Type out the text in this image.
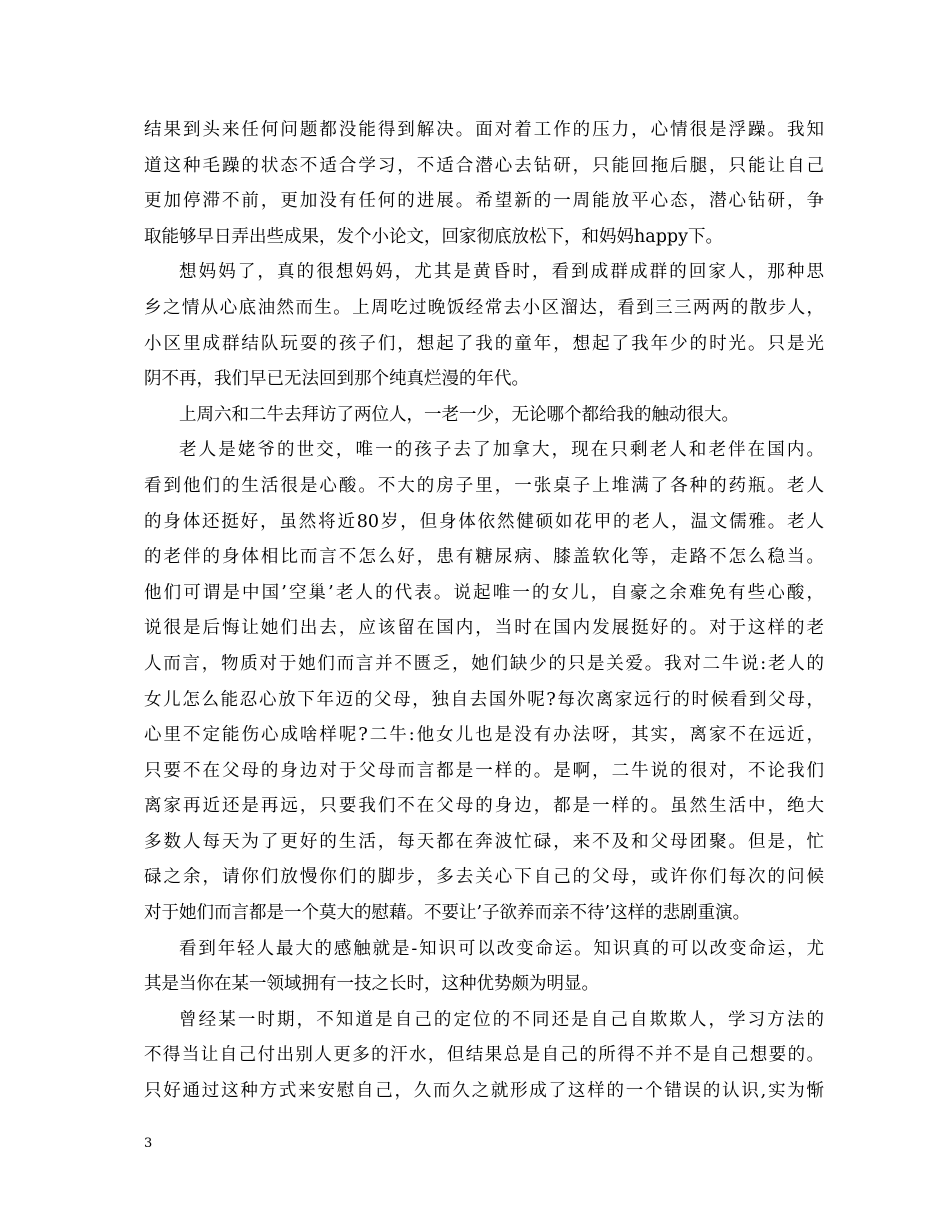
结果到头来任何问题都没能得到解决。面对着工作的压力，心情很是浮躁。我知
道这种毛躁的状态不适合学习，不适合潜心去钻研，只能回拖后腿，只能让自己
更加停滞不前，更加没有任何的进展。希望新的一周能放平心态，潜心钻研，争
取能够早日弄出些成果，发个小论文，回家彻底放松下，和妈妈happy下。
想妈妈了，真的很想妈妈，尤其是黄昏时，看到成群成群的回家人，那种思
乡之情从心底油然而生。上周吃过晚饭经常去小区溜达，看到三三两两的散步人，
小区里成群结队玩耍的孩子们，想起了我的童年，想起了我年少的时光。只是光
阴不再，我们早已无法回到那个纯真烂漫的年代。
上周六和二牛去拜访了两位人，一老一少，无论哪个都给我的触动很大。
老人是姥爷的世交，唯一的孩子去了加拿大，现在只剩老人和老伴在国内。
看到他们的生活很是心酸。不大的房子里，一张桌子上堆满了各种的药瓶。老人
的身体还挺好，虽然将近80岁，但身体依然健硕如花甲的老人，温文儒雅。老人
的老伴的身体相比而言不怎么好，患有糖尿病、膝盖软化等，走路不怎么稳当。
他们可谓是中国’空巢’老人的代表。说起唯一的女儿，自豪之余难免有些心酸，
说很是后悔让她们出去，应该留在国内，当时在国内发展挺好的。对于这样的老
人而言，物质对于她们而言并不匮乏，她们缺少的只是关爱。我对二牛说:老人的
女儿怎么能忍心放下年迈的父母，独自去国外呢?每次离家远行的时候看到父母，
心里不定能伤心成啥样呢?二牛:他女儿也是没有办法呀，其实，离家不在远近，
只要不在父母的身边对于父母而言都是一样的。是啊，二牛说的很对，不论我们
离家再近还是再远，只要我们不在父母的身边，都是一样的。虽然生活中，绝大
多数人每天为了更好的生活，每天都在奔波忙碌，来不及和父母团聚。但是，忙
碌之余，请你们放慢你们的脚步，多去关心下自己的父母，或许你们每次的问候
对于她们而言都是一个莫大的慰藉。不要让’子欲养而亲不待’这样的悲剧重演。
看到年轻人最大的感触就是-知识可以改变命运。知识真的可以改变命运，尤
其是当你在某一领域拥有一技之长时，这种优势颇为明显。
曾经某一时期，不知道是自己的定位的不同还是自己自欺欺人，学习方法的
不得当让自己付出别人更多的汗水，但结果总是自己的所得不并不是自己想要的。
只好通过这种方式来安慰自己，久而久之就形成了这样的一个错误的认识,实为惭
3
